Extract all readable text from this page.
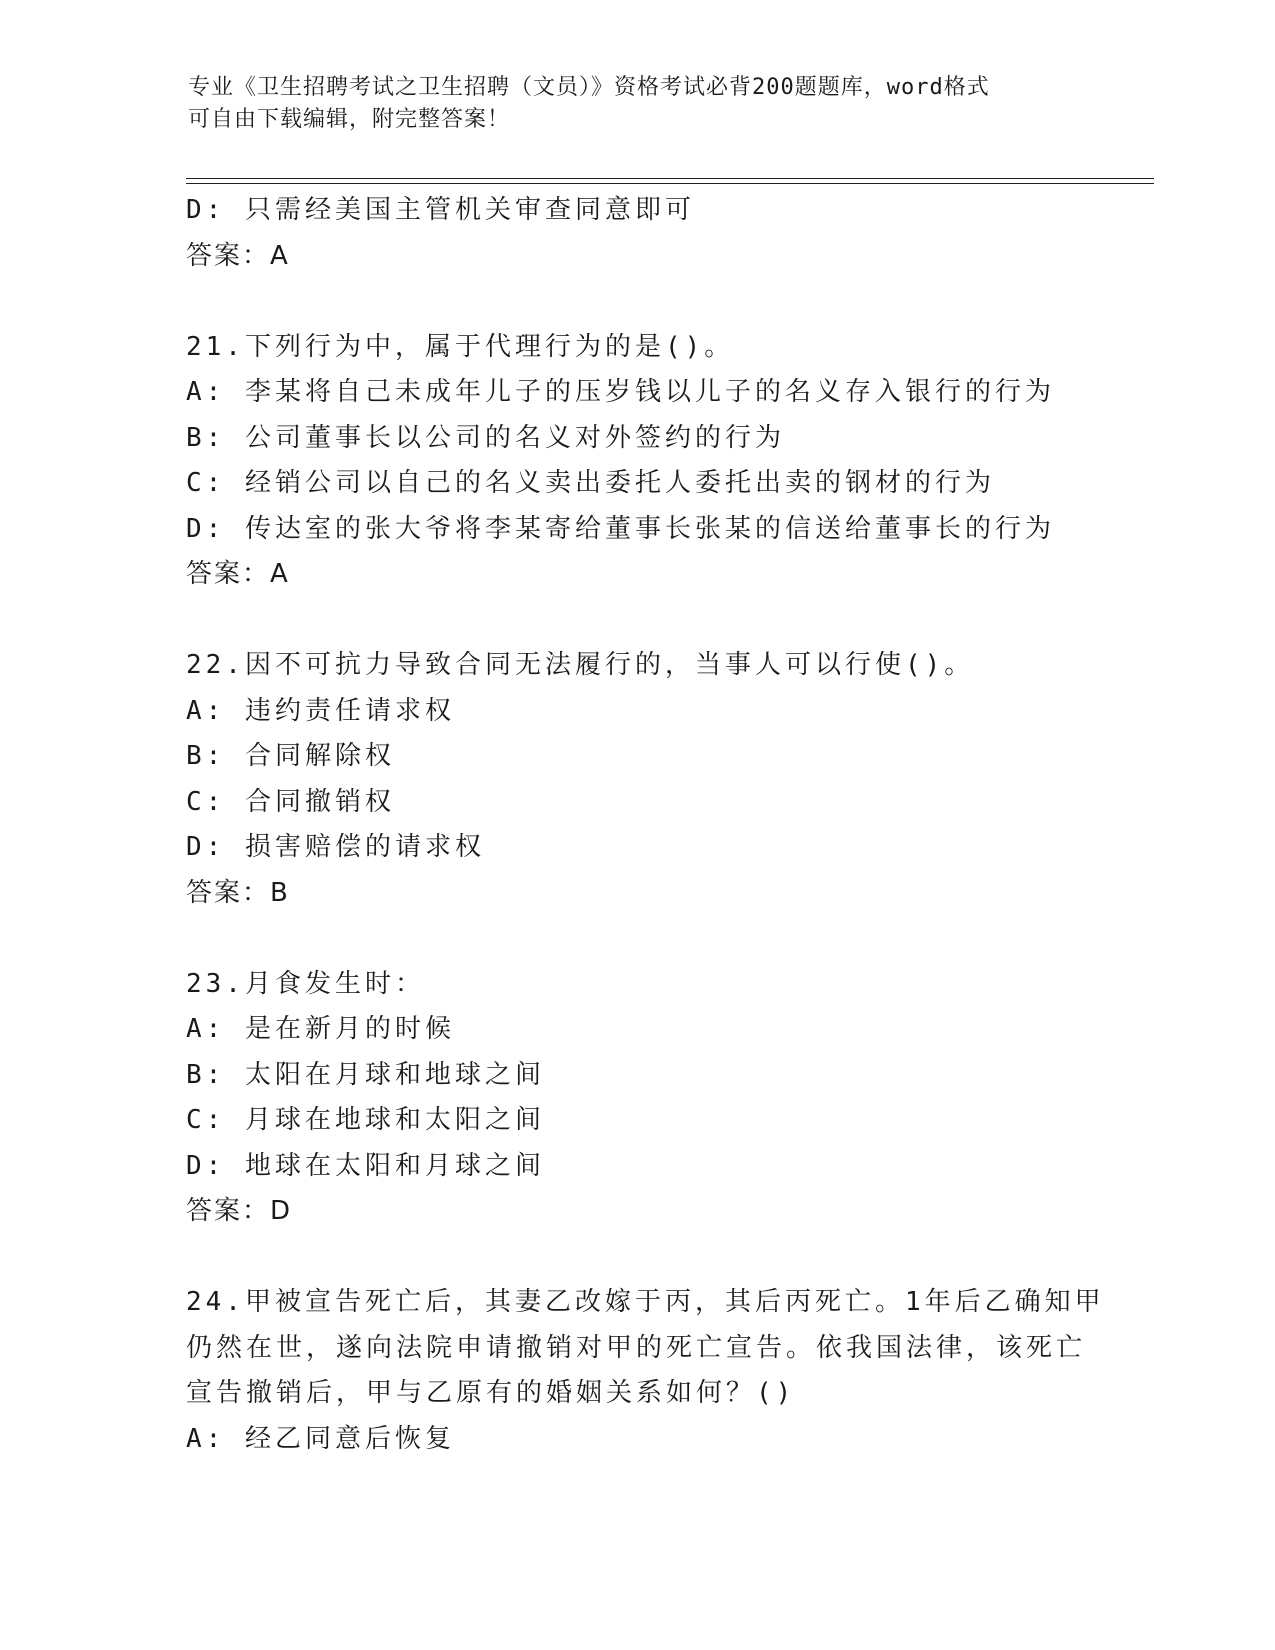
专业《卫生招聘考试之卫生招聘（文员）》资格考试必背200题题库，word格式
可自由下载编辑，附完整答案！
D: 只需经美国主管机关审查同意即可
答案：A
21.下列行为中，属于代理行为的是()。
A: 李某将自己未成年儿子的压岁钱以儿子的名义存入银行的行为
B: 公司董事长以公司的名义对外签约的行为
C: 经销公司以自己的名义卖出委托人委托出卖的钢材的行为
D: 传达室的张大爷将李某寄给董事长张某的信送给董事长的行为
答案：A
22.因不可抗力导致合同无法履行的，当事人可以行使()。
A: 违约责任请求权
B: 合同解除权
C: 合同撤销权
D: 损害赔偿的请求权
答案：B
23.月食发生时：
A: 是在新月的时候
B: 太阳在月球和地球之间
C: 月球在地球和太阳之间
D: 地球在太阳和月球之间
答案：D
24.甲被宣告死亡后，其妻乙改嫁于丙，其后丙死亡。1年后乙确知甲
仍然在世，遂向法院申请撤销对甲的死亡宣告。依我国法律，该死亡
宣告撤销后，甲与乙原有的婚姻关系如何？()
A: 经乙同意后恢复
